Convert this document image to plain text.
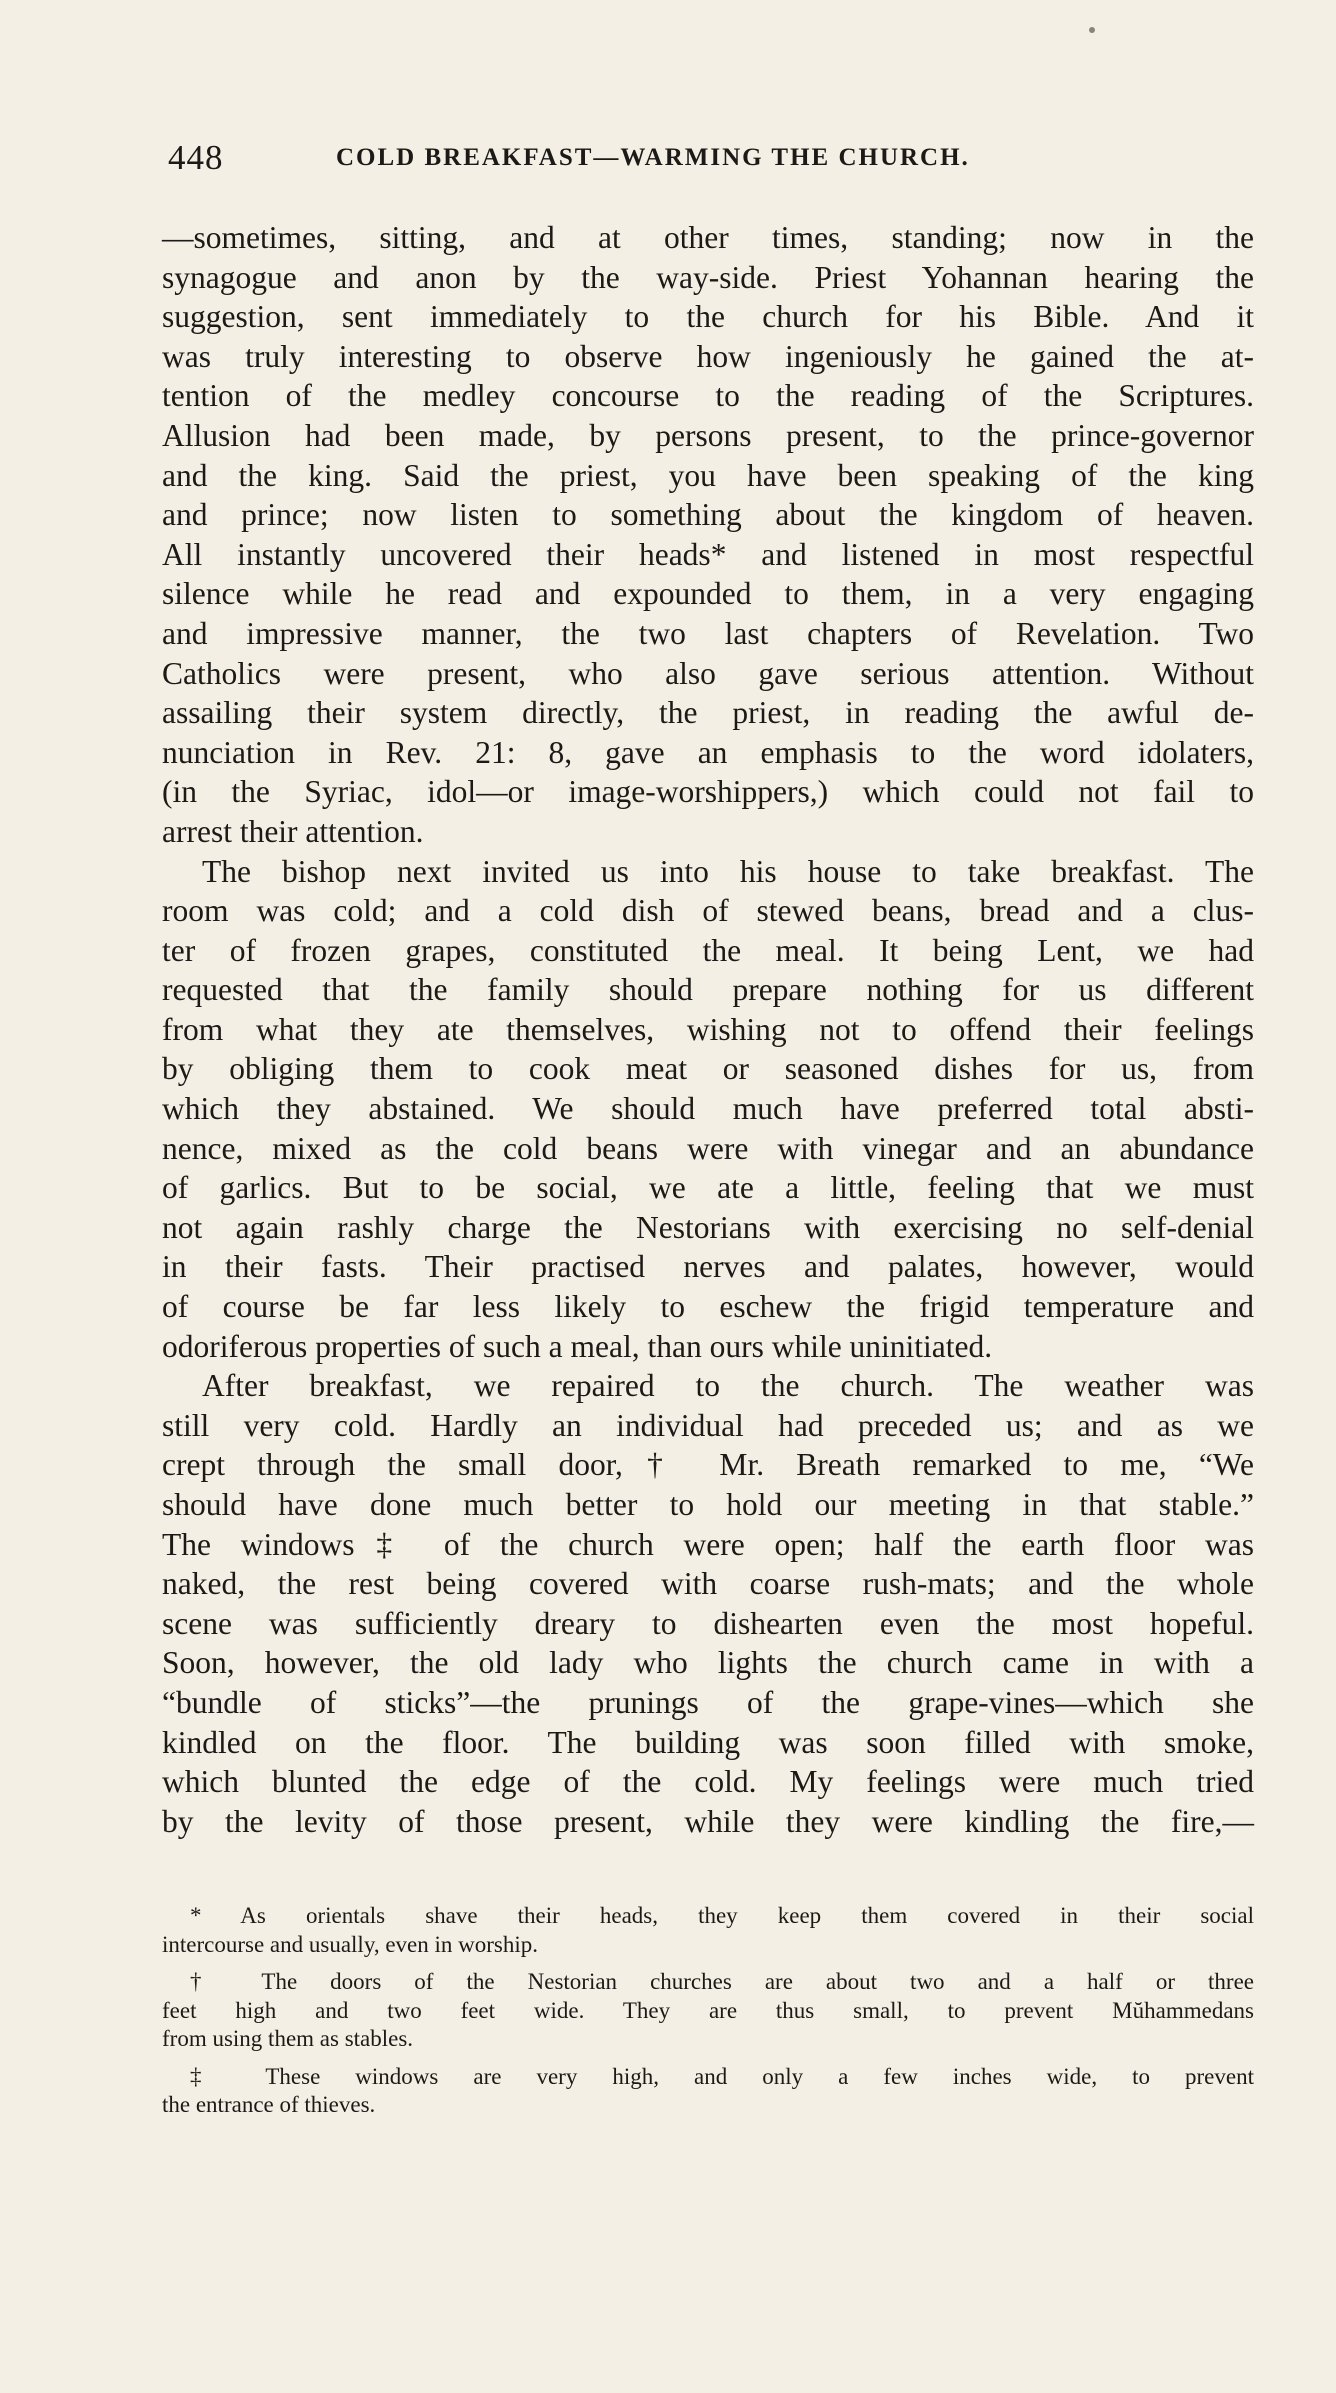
448	COLD BREAKFAST—WARMING THE CHURCH.
—sometimes, sitting, and at other times, standing; now in the
synagogue and anon by the way-side. Priest Yohannan hearing the
suggestion, sent immediately to the church for his Bible. And it
was truly interesting to observe how ingeniously he gained the at-
tention of the medley concourse to the reading of the Scriptures.
Allusion had been made, by persons present, to the prince-governor
and the king. Said the priest, you have been speaking of the king
and prince; now listen to something about the kingdom of heaven.
All instantly uncovered their heads* and listened in most respectful
silence while he read and expounded to them, in a very engaging
and impressive manner, the two last chapters of Revelation. Two
Catholics were present, who also gave serious attention. Without
assailing their system directly, the priest, in reading the awful de-
nunciation in Rev. 21: 8, gave an emphasis to the word idolaters,
(in the Syriac, idol—or image-worshippers,) which could not fail to
arrest their attention.
The bishop next invited us into his house to take breakfast. The
room was cold; and a cold dish of stewed beans, bread and a clus-
ter of frozen grapes, constituted the meal. It being Lent, we had
requested that the family should prepare nothing for us different
from what they ate themselves, wishing not to offend their feelings
by obliging them to cook meat or seasoned dishes for us, from
which they abstained. We should much have preferred total absti-
nence, mixed as the cold beans were with vinegar and an abundance
of garlics. But to be social, we ate a little, feeling that we must
not again rashly charge the Nestorians with exercising no self-denial
in their fasts. Their practised nerves and palates, however, would
of course be far less likely to eschew the frigid temperature and
odoriferous properties of such a meal, than ours while uninitiated.
After breakfast, we repaired to the church. The weather was
still very cold. Hardly an individual had preceded us; and as we
crept through the small door,† Mr. Breath remarked to me, “We
should have done much better to hold our meeting in that stable.”
The windows‡ of the church were open; half the earth floor was
naked, the rest being covered with coarse rush-mats; and the whole
scene was sufficiently dreary to dishearten even the most hopeful.
Soon, however, the old lady who lights the church came in with a
“bundle of sticks”—the prunings of the grape-vines—which she
kindled on the floor. The building was soon filled with smoke,
which blunted the edge of the cold. My feelings were much tried
by the levity of those present, while they were kindling the fire,—
* As orientals shave their heads, they keep them covered in their social
intercourse and usually, even in worship.
† The doors of the Nestorian churches are about two and a half or three
feet high and two feet wide. They are thus small, to prevent Mŭhammedans
from using them as stables.
‡ These windows are very high, and only a few inches wide, to prevent
the entrance of thieves.
